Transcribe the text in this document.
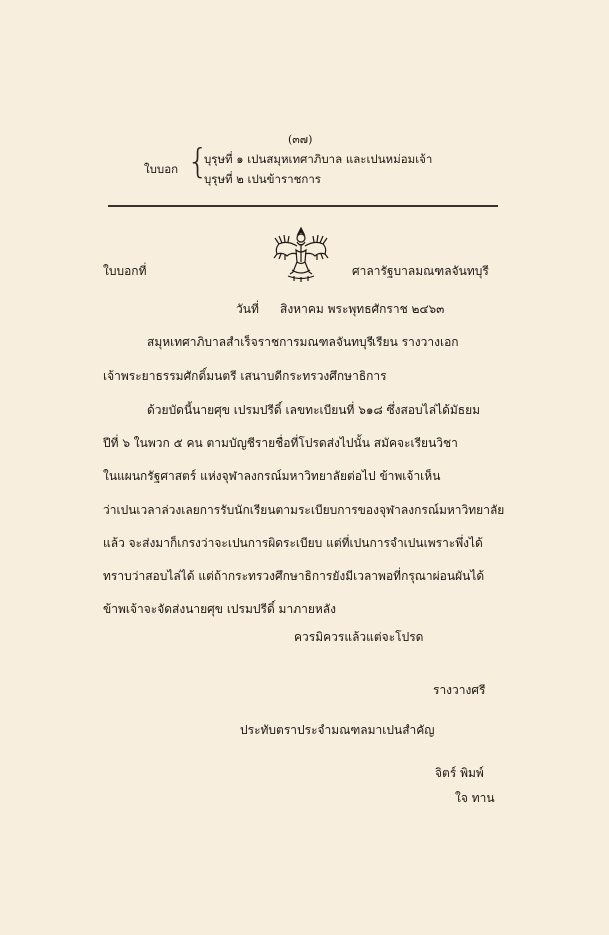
(๓๗)
ใบบอก {
บุรุษที่ ๑ เปนสมุหเทศาภิบาล และเปนหม่อมเจ้า
บุรุษที่ ๒ เปนข้าราชการ
ใบบอกที่	ศาลารัฐบาลมณฑลจันทบุรี
วันที่ สิงหาคม พระพุทธศักราช ๒๔๖๓
สมุหเทศาภิบาลสำเร็จราชการมณฑลจันทบุรี
เรียน รางวางเอก
เจ้าพระยาธรรมศักดิ์มนตรี เสนาบดีกระทรวงศึกษาธิการ
ด้วยบัดนี้นายศุข เปรมปรีดิ์ เลขทะเบียนที่ ๖๑๘ ซึ่งสอบไล่ได้มัธยม
ปีที่ ๖ ในพวก ๕ คน ตามบัญชีรายชื่อที่โปรดส่งไปนั้น สมัคจะเรียนวิชา
ในแผนกรัฐศาสตร์ แห่งจุฬาลงกรณ์มหาวิทยาลัยต่อไป ข้าพเจ้าเห็น
ว่าเปนเวลาล่วงเลยการรับนักเรียนตามระเบียบการของจุฬาลงกรณ์มหาวิทยาลัย
แล้ว จะส่งมาก็เกรงว่าจะเปนการผิดระเบียบ แต่ที่เปนการจำเปนเพราะพึ่งได้
ทราบว่าสอบไล่ได้ แต่ถ้ากระทรวงศึกษาธิการยังมีเวลาพอที่กรุณาผ่อนผันได้
ข้าพเจ้าจะจัดส่งนายศุข เปรมปรีดิ์ มาภายหลัง
ควรมิควรแล้วแต่จะโปรด
รางวางศรี
ประทับตราประจำมณฑลมาเปนสำคัญ
จิตร์ พิมพ์
ใจ ทาน
